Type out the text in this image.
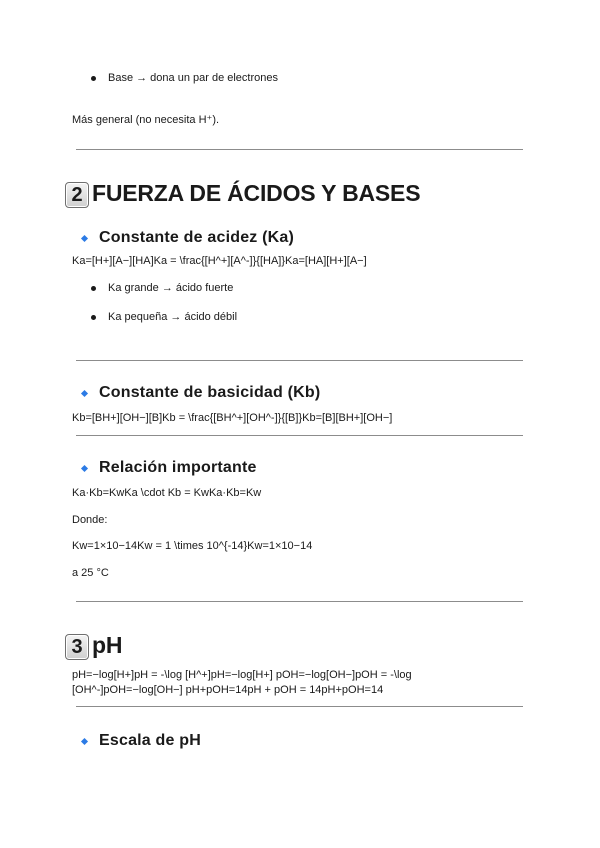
Base → dona un par de electrones
Más general (no necesita H⁺).
2 FUERZA DE ÁCIDOS Y BASES
Constante de acidez (Ka)
Ka=[H+][A−][HA]Ka = \frac{[H^+][A^-]}{[HA]}Ka=[HA][H+][A−]
Ka grande → ácido fuerte
Ka pequeña → ácido débil
Constante de basicidad (Kb)
Kb=[BH+][OH−][B]Kb = \frac{[BH^+][OH^-]}{[B]}Kb=[B][BH+][OH−]
Relación importante
Ka·Kb=KwKa \cdot Kb = KwKa·Kb=Kw
Donde:
Kw=1×10−14Kw = 1 \times 10^{-14}Kw=1×10−14
a 25 °C
3 pH
pH=−log[H+]pH = -\log [H^+]pH=−log[H+] pOH=−log[OH−]pOH = -\log
[OH^-]pOH=−log[OH−] pH+pOH=14pH + pOH = 14pH+pOH=14
Escala de pH
